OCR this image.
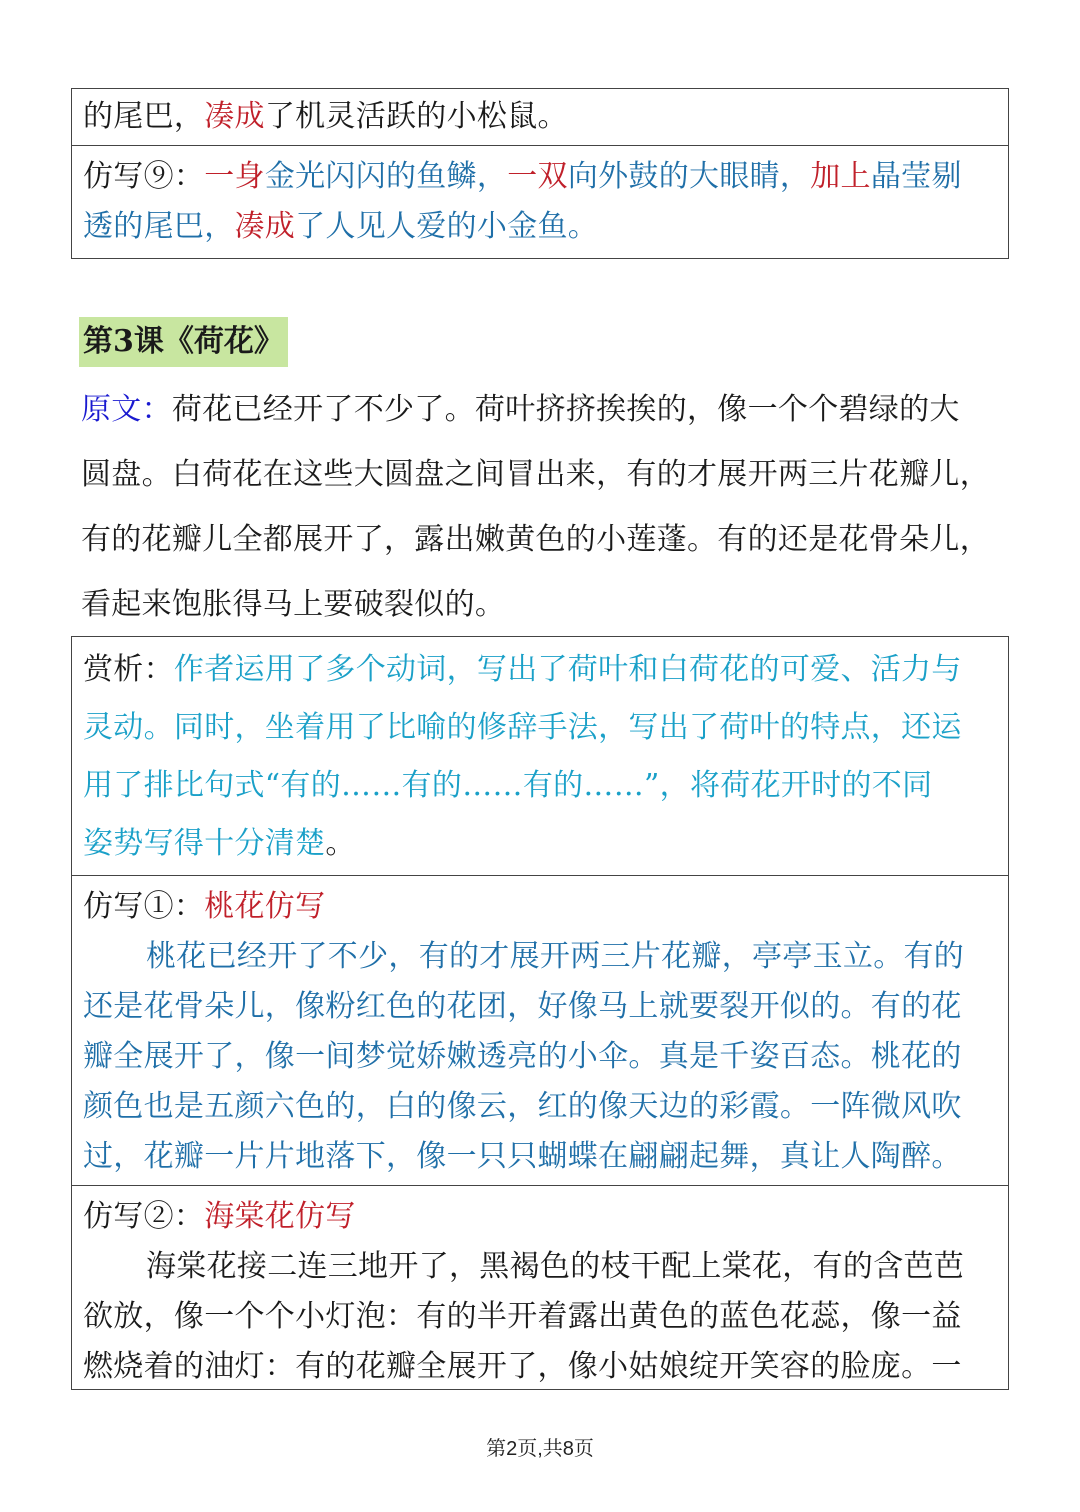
的尾巴，凑成了机灵活跃的小松鼠。
仿写⑨：一身金光闪闪的鱼鳞，一双向外鼓的大眼睛，加上晶莹剔
透的尾巴，凑成了人见人爱的小金鱼。
第3课《荷花》
原文：荷花已经开了不少了。荷叶挤挤挨挨的，像一个个碧绿的大
圆盘。白荷花在这些大圆盘之间冒出来，有的才展开两三片花瓣儿，
有的花瓣儿全都展开了，露出嫩黄色的小莲蓬。有的还是花骨朵儿，
看起来饱胀得马上要破裂似的。
赏析：作者运用了多个动词，写出了荷叶和白荷花的可爱、活力与
灵动。同时，坐着用了比喻的修辞手法，写出了荷叶的特点，还运
用了排比句式“有的……有的……有的……”，将荷花开时的不同
姿势写得十分清楚。
仿写①：桃花仿写
桃花已经开了不少，有的才展开两三片花瓣，亭亭玉立。有的
还是花骨朵儿，像粉红色的花团，好像马上就要裂开似的。有的花
瓣全展开了，像一间梦觉娇嫩透亮的小伞。真是千姿百态。桃花的
颜色也是五颜六色的，白的像云，红的像天边的彩霞。一阵微风吹
过，花瓣一片片地落下，像一只只蝴蝶在翩翩起舞，真让人陶醉。
仿写②：海棠花仿写
海棠花接二连三地开了，黑褐色的枝干配上棠花，有的含芭芭
欲放，像一个个小灯泡：有的半开着露出黄色的蓝色花蕊，像一益
燃烧着的油灯：有的花瓣全展开了，像小姑娘绽开笑容的脸庞。一
第2页,共8页
